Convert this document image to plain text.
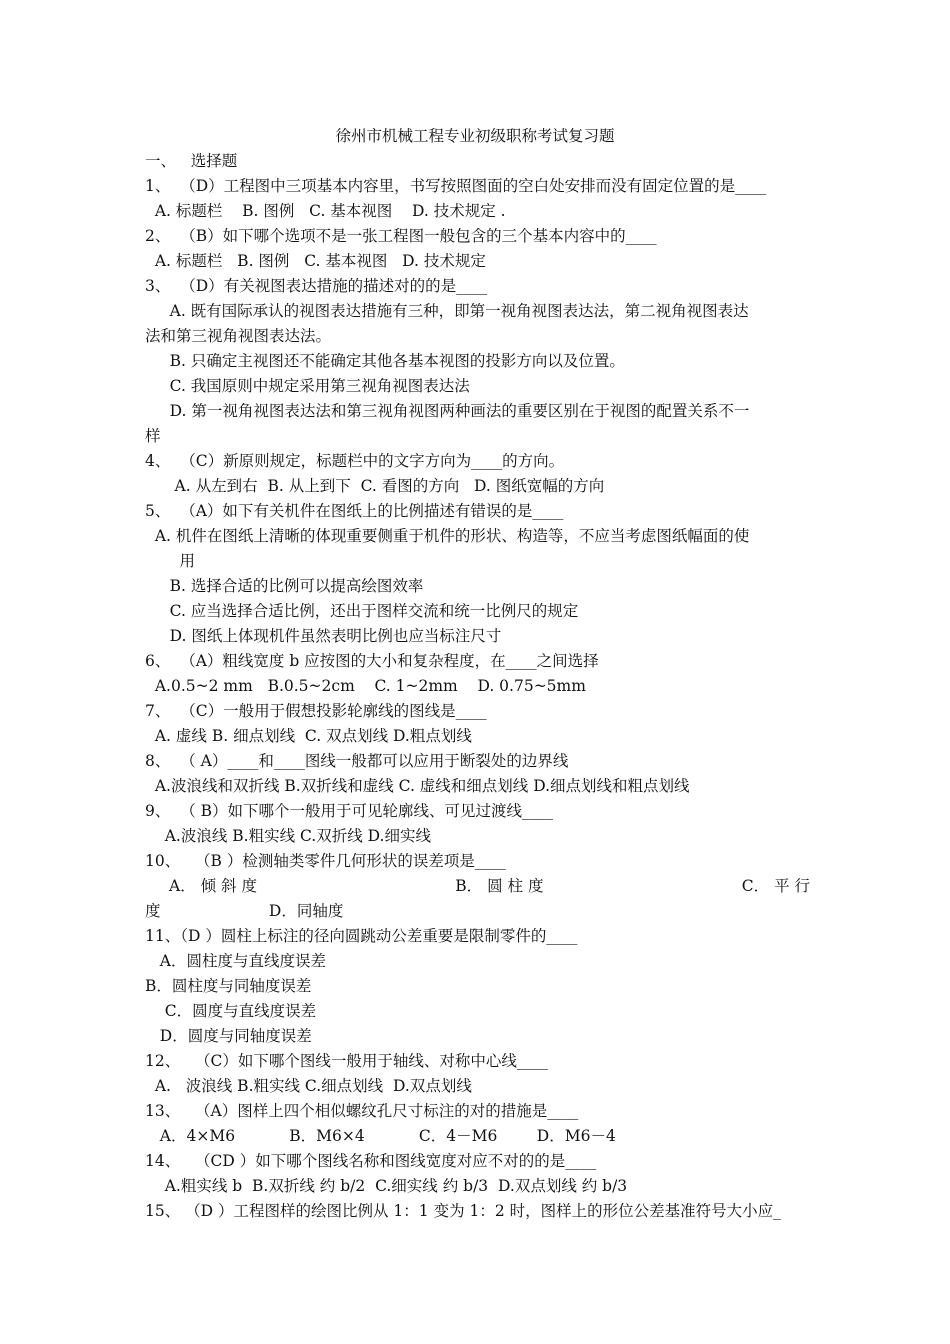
徐州市机械工程专业初级职称考试复习题
一、   选择题
1、  （D）工程图中三项基本内容里，书写按照图面的空白处安排而没有固定位置的是____
A. 标题栏    B. 图例   C. 基本视图    D. 技术规定 .
2、  （B）如下哪个选项不是一张工程图一般包含的三个基本内容中的____
A. 标题栏   B. 图例   C. 基本视图   D. 技术规定
3、  （D）有关视图表达措施的描述对的的是____
A. 既有国际承认的视图表达措施有三种，即第一视角视图表达法，第二视角视图表达
法和第三视角视图表达法。
B. 只确定主视图还不能确定其他各基本视图的投影方向以及位置。
C. 我国原则中规定采用第三视角视图表达法
D. 第一视角视图表达法和第三视角视图两种画法的重要区别在于视图的配置关系不一
样
4、  （C）新原则规定，标题栏中的文字方向为____的方向。
A. 从左到右  B. 从上到下  C. 看图的方向   D. 图纸宽幅的方向
5、  （A）如下有关机件在图纸上的比例描述有错误的是____
A. 机件在图纸上清晰的体现重要侧重于机件的形状、构造等，不应当考虑图纸幅面的使
用
B. 选择合适的比例可以提高绘图效率
C. 应当选择合适比例，还出于图样交流和统一比例尺的规定
D. 图纸上体现机件虽然表明比例也应当标注尺寸
6、  （A）粗线宽度 b 应按图的大小和复杂程度，在____之间选择
A.0.5~2 mm   B.0.5~2cm    C. 1~2mm    D. 0.75~5mm
7、  （C）一般用于假想投影轮廓线的图线是____
A. 虚线 B. 细点划线  C. 双点划线 D.粗点划线
8、  （ A）____和____图线一般都可以应用于断裂处的边界线
A.波浪线和双折线 B.双折线和虚线 C. 虚线和细点划线 D.细点划线和粗点划线
9、  （ B）如下哪个一般用于可见轮廓线、可见过渡线____
A.波浪线 B.粗实线 C.双折线 D.细实线
10、   （B ）检测轴类零件几何形状的误差项是____
A． 倾 斜 度	B． 圆 柱 度	C． 平 行
度                      D．同轴度
11、（D ）圆柱上标注的径向圆跳动公差重要是限制零件的____
A．圆柱度与直线度误差
B．圆柱度与同轴度误差
C．圆度与直线度误差
D．圆度与同轴度误差
12、   （C）如下哪个图线一般用于轴线、对称中心线____
A.   波浪线 B.粗实线 C.细点划线  D.双点划线
13、   （A）图样上四个相似螺纹孔尺寸标注的对的措施是____
A．4×M6           B．M6×4           C．4－M6        D．M6－4
14、   （CD ）如下哪个图线名称和图线宽度对应不对的的是____
A.粗实线 b  B.双折线 约 b/2  C.细实线 约 b/3  D.双点划线 约 b/3
15、 （D ）工程图样的绘图比例从 1：1 变为 1：2 时，图样上的形位公差基准符号大小应_
